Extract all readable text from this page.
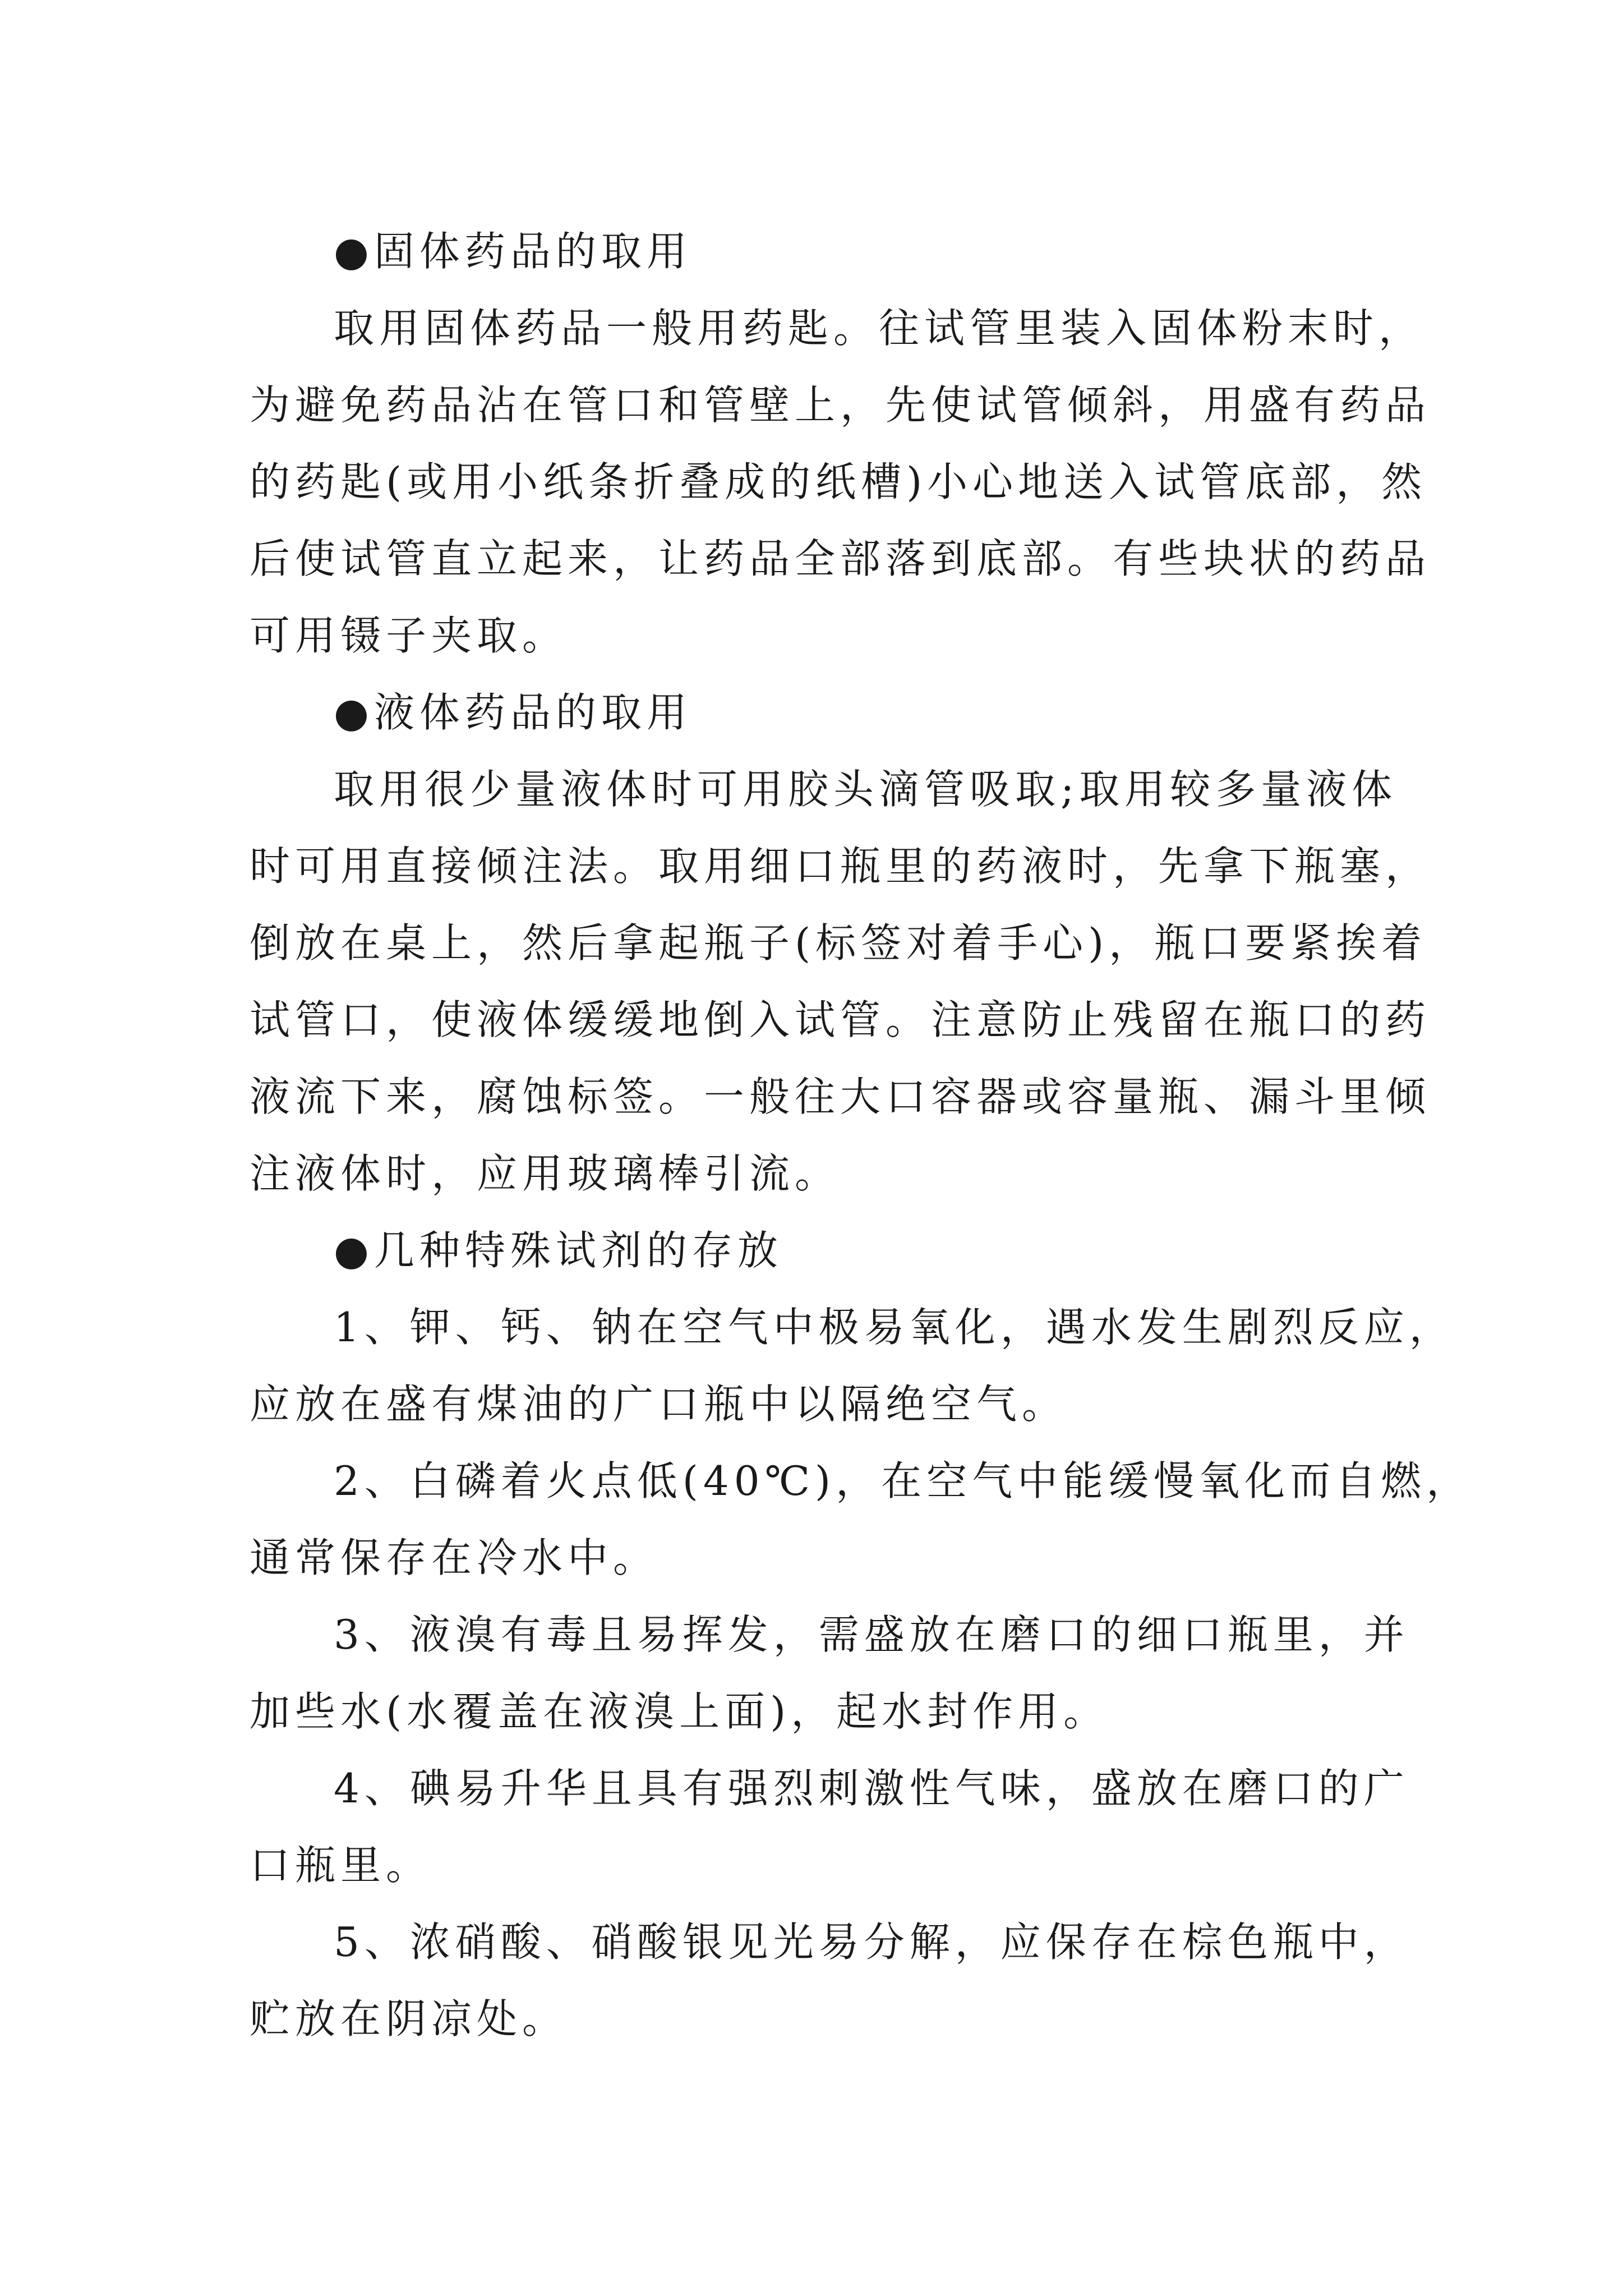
●固体药品的取用
取用固体药品一般用药匙。往试管里装入固体粉末时，
为避免药品沾在管口和管壁上，先使试管倾斜，用盛有药品
的药匙(或用小纸条折叠成的纸槽)小心地送入试管底部，然
后使试管直立起来，让药品全部落到底部。有些块状的药品
可用镊子夹取。
●液体药品的取用
取用很少量液体时可用胶头滴管吸取;取用较多量液体
时可用直接倾注法。取用细口瓶里的药液时，先拿下瓶塞，
倒放在桌上，然后拿起瓶子(标签对着手心)，瓶口要紧挨着
试管口，使液体缓缓地倒入试管。注意防止残留在瓶口的药
液流下来，腐蚀标签。一般往大口容器或容量瓶、漏斗里倾
注液体时，应用玻璃棒引流。
●几种特殊试剂的存放
1、钾、钙、钠在空气中极易氧化，遇水发生剧烈反应，
应放在盛有煤油的广口瓶中以隔绝空气。
2、白磷着火点低(40℃)，在空气中能缓慢氧化而自燃，
通常保存在冷水中。
3、液溴有毒且易挥发，需盛放在磨口的细口瓶里，并
加些水(水覆盖在液溴上面)，起水封作用。
4、碘易升华且具有强烈刺激性气味，盛放在磨口的广
口瓶里。
5、浓硝酸、硝酸银见光易分解，应保存在棕色瓶中，
贮放在阴凉处。
